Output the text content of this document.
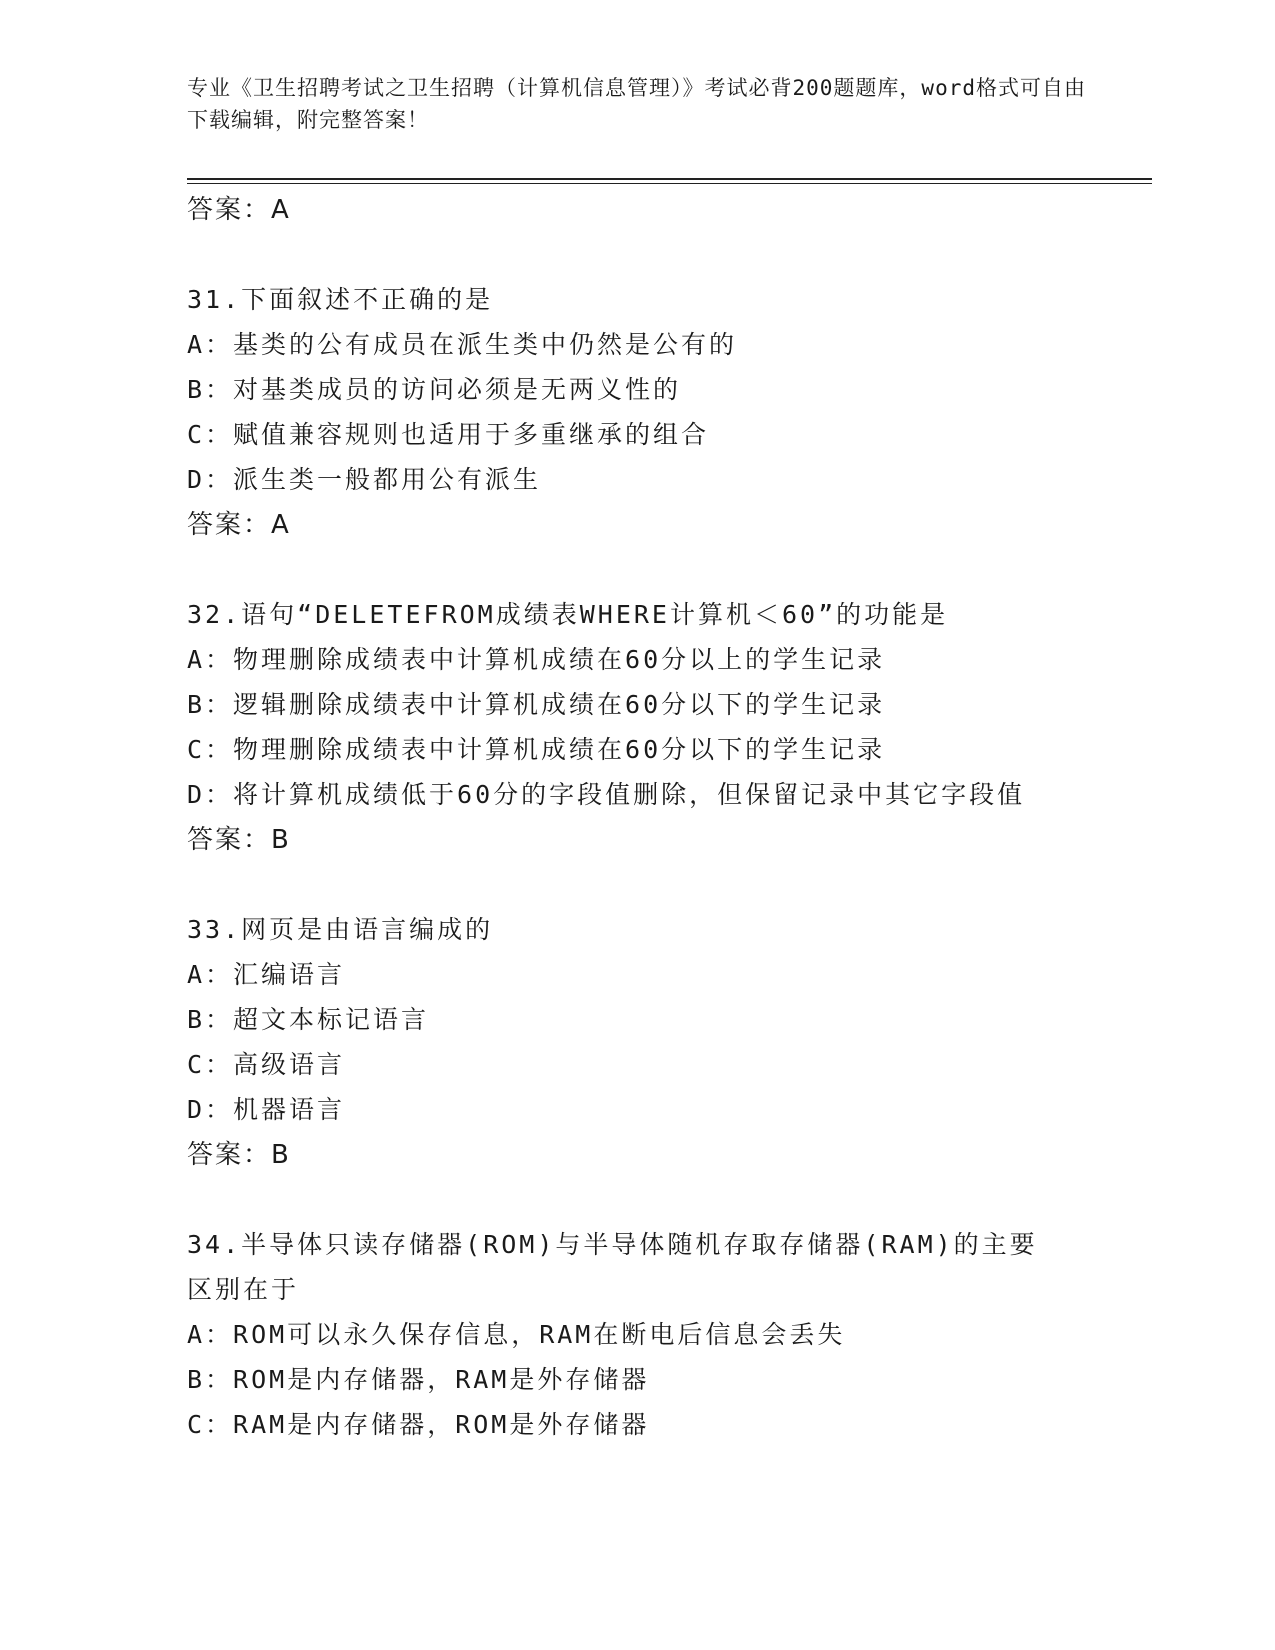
专业《卫生招聘考试之卫生招聘（计算机信息管理）》考试必背200题题库，word格式可自由下载编辑，附完整答案！
答案：A
31.下面叙述不正确的是
A：基类的公有成员在派生类中仍然是公有的
B：对基类成员的访问必须是无两义性的
C：赋值兼容规则也适用于多重继承的组合
D：派生类一般都用公有派生
答案：A
32.语句“DELETEFROM成绩表WHERE计算机＜60”的功能是
A：物理删除成绩表中计算机成绩在60分以上的学生记录
B：逻辑删除成绩表中计算机成绩在60分以下的学生记录
C：物理删除成绩表中计算机成绩在60分以下的学生记录
D：将计算机成绩低于60分的字段值删除，但保留记录中其它字段值
答案：B
33.网页是由语言编成的
A：汇编语言
B：超文本标记语言
C：高级语言
D：机器语言
答案：B
34.半导体只读存储器(ROM)与半导体随机存取存储器(RAM)的主要区别在于
A：ROM可以永久保存信息，RAM在断电后信息会丢失
B：ROM是内存储器，RAM是外存储器
C：RAM是内存储器，ROM是外存储器
